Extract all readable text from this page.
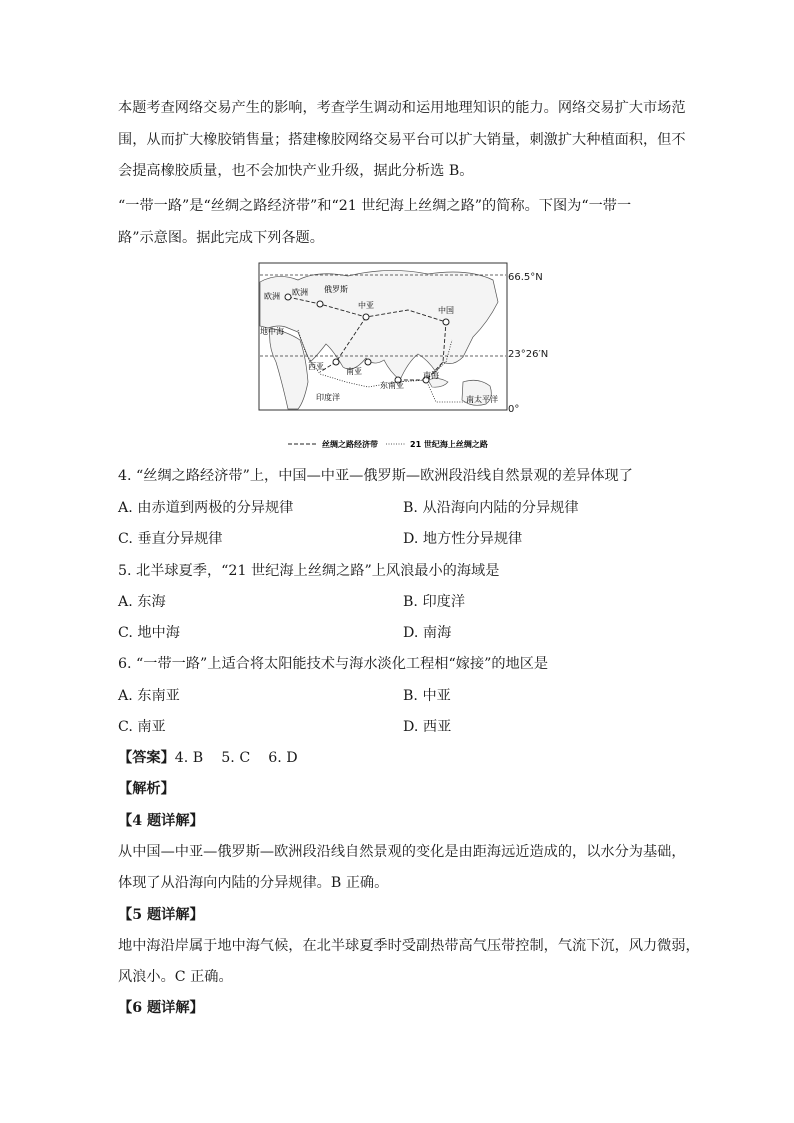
本题考查网络交易产生的影响，考查学生调动和运用地理知识的能力。网络交易扩大市场范
围，从而扩大橡胶销售量；搭建橡胶网络交易平台可以扩大销量，刺激扩大种植面积，但不
会提高橡胶质量，也不会加快产业升级，据此分析选 B。
“一带一路”是“丝绸之路经济带”和“21 世纪海上丝绸之路”的简称。下图为“一带一
路”示意图。据此完成下列各题。
欧洲 欧洲 俄罗斯
中亚
中国
地中海
西亚
南亚
东南亚
南海
印度洋	南太平洋
丝绸之路经济带	21 世纪海上丝绸之路
66.5°N
23°26′N
0°
4. “丝绸之路经济带”上，中国—中亚—俄罗斯—欧洲段沿线自然景观的差异体现了
A. 由赤道到两极的分异规律	B. 从沿海向内陆的分异规律
C. 垂直分异规律	D. 地方性分异规律
5. 北半球夏季，“21 世纪海上丝绸之路”上风浪最小的海域是
A. 东海	B. 印度洋
C. 地中海	D. 南海
6. “一带一路”上适合将太阳能技术与海水淡化工程相“嫁接”的地区是
A. 东南亚	B. 中亚
C. 南亚	D. 西亚
【答案】4. B    5. C    6. D
【解析】
【4 题详解】
从中国—中亚—俄罗斯—欧洲段沿线自然景观的变化是由距海远近造成的，以水分为基础，
体现了从沿海向内陆的分异规律。B 正确。
【5 题详解】
地中海沿岸属于地中海气候，在北半球夏季时受副热带高气压带控制，气流下沉，风力微弱，
风浪小。C 正确。
【6 题详解】
